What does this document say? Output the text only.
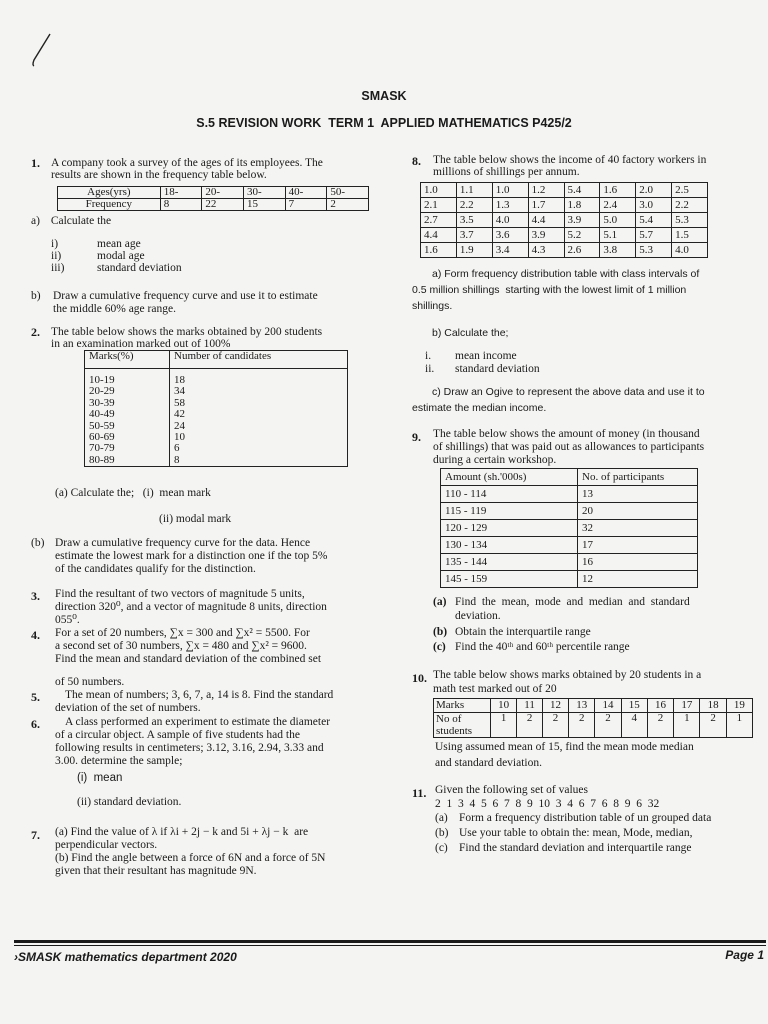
SMASK
S.5 REVISION WORK  TERM 1  APPLIED MATHEMATICS P425/2
1. A company took a survey of the ages of its employees. The
results are shown in the frequency table below.
Ages(yrs)	18-	20-	30-	40-	50-
Frequency	8	22	15	7	2
a) Calculate the
i)	mean age
ii)	modal age
iii)	standard deviation
b) Draw a cumulative frequency curve and use it to estimate
the middle 60% age range.
2. The table below shows the marks obtained by 200 students
in an examination marked out of 100%
Marks(%)	Number of candidates

10-19	18
20-29	34
30-39	58
40-49	42
50-59	24
60-69	10
70-79	6
80-89	8
(a) Calculate the;   (i)  mean mark
(ii) modal mark
(b) Draw a cumulative frequency curve for the data. Hence
estimate the lowest mark for a distinction one if the top 5%
of the candidates qualify for the distinction.
3. Find the resultant of two vectors of magnitude 5 units,
direction 320⁰, and a vector of magnitude 8 units, direction
055⁰.
4. For a set of 20 numbers, ∑x = 300 and ∑x² = 5500. For
a second set of 30 numbers, ∑x = 480 and ∑x² = 9600.
Find the mean and standard deviation of the combined set
of 50 numbers.
5. The mean of numbers; 3, 6, 7, a, 14 is 8. Find the standard
deviation of the set of numbers.
6. A class performed an experiment to estimate the diameter
of a circular object. A sample of five students had the
following results in centimeters; 3.12, 3.16, 2.94, 3.33 and
3.00. determine the sample;
(i)  mean
(ii) standard deviation.
7. (a) Find the value of λ if λi + 2j − k and 5i + λj − k  are
perpendicular vectors.
(b) Find the angle between a force of 6N and a force of 5N
given that their resultant has magnitude 9N.
8. The table below shows the income of 40 factory workers in
millions of shillings per annum.
1.0	1.1	1.0	1.2	5.4	1.6	2.0	2.5
2.1	2.2	1.3	1.7	1.8	2.4	3.0	2.2
2.7	3.5	4.0	4.4	3.9	5.0	5.4	5.3
4.4	3.7	3.6	3.9	5.2	5.1	5.7	1.5
1.6	1.9	3.4	4.3	2.6	3.8	5.3	4.0
a) Form frequency distribution table with class intervals of
0.5 million shillings  starting with the lowest limit of 1 million
shillings.
b) Calculate the;
i. mean income
ii. standard deviation
c) Draw an Ogive to represent the above data and use it to
estimate the median income.
9. The table below shows the amount of money (in thousand
of shillings) that was paid out as allowances to participants
during a certain workshop.
Amount (sh.'000s)	No. of participants
110 - 114	13
115 - 119	20
120 - 129	32
130 - 134	17
135 - 144	16
145 - 159	12
(a) Find  the  mean,  mode  and  median  and  standard
deviation.
(b) Obtain the interquartile range
(c) Find the 40ᵗʰ and 60ᵗʰ percentile range
10. The table below shows marks obtained by 20 students in a
math test marked out of 20
Marks	10	11	12	13	14	15	16	17	18	19
No of
students	1	2	2	2	2	4	2	1	2	1
Using assumed mean of 15, find the mean mode median
and standard deviation.
11. Given the following set of values
2  1  3  4  5  6  7  8  9  10  3  4  6  7  6  8  9  6  32
(a) Form a frequency distribution table of un grouped data
(b) Use your table to obtain the: mean, Mode, median,
(c) Find the standard deviation and interquartile range
›SMASK mathematics department 2020	Page 1
